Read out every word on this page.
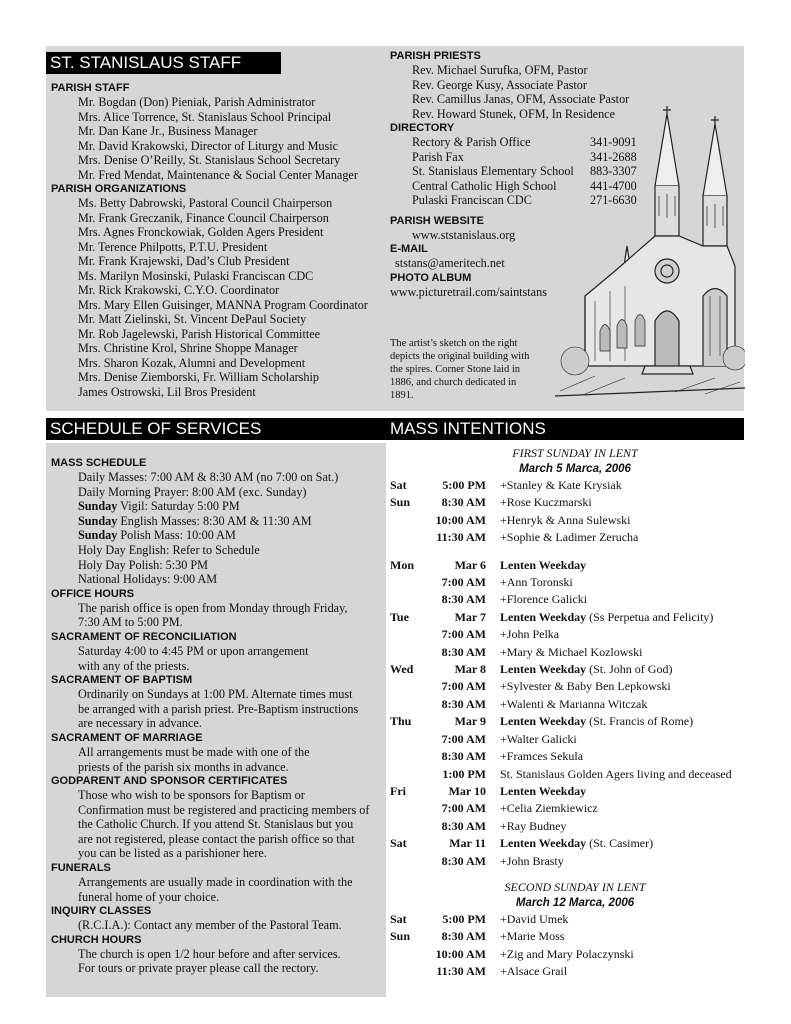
ST. STANISLAUS STAFF
SCHEDULE OF SERVICES	MASS INTENTIONS
PARISH STAFF
Mr. Bogdan (Don) Pieniak, Parish Administrator
Mrs. Alice Torrence, St. Stanislaus School Principal
Mr. Dan Kane Jr., Business Manager
Mr. David Krakowski, Director of Liturgy and Music
Mrs. Denise O’Reilly, St. Stanislaus School Secretary
Mr. Fred Mendat, Maintenance & Social Center Manager
PARISH ORGANIZATIONS
Ms. Betty Dabrowski, Pastoral Council Chairperson
Mr. Frank Greczanik, Finance Council Chairperson
Mrs. Agnes Fronckowiak, Golden Agers President
Mr. Terence Philpotts, P.T.U. President
Mr. Frank Krajewski, Dad’s Club President
Ms. Marilyn Mosinski, Pulaski Franciscan CDC
Mr. Rick Krakowski, C.Y.O. Coordinator
Mrs. Mary Ellen Guisinger, MANNA Program Coordinator
Mr. Matt Zielinski, St. Vincent DePaul Society
Mr. Rob Jagelewski, Parish Historical Committee
Mrs. Christine Krol, Shrine Shoppe Manager
Mrs. Sharon Kozak, Alumni and Development
Mrs. Denise Ziemborski, Fr. William Scholarship
James Ostrowski, Lil Bros President
PARISH PRIESTS
Rev. Michael Surufka, OFM, Pastor
Rev. George Kusy, Associate Pastor
Rev. Camillus Janas, OFM, Associate Pastor
Rev. Howard Stunek, OFM, In Residence
DIRECTORY
Rectory & Parish Office	341-9091
Parish Fax	341-2688
St. Stanislaus Elementary School	883-3307
Central Catholic High School	441-4700
Pulaski Franciscan CDC	271-6630
PARISH WEBSITE
www.ststanislaus.org
E-MAIL
ststans@ameritech.net
PHOTO ALBUM
www.picturetrail.com/saintstans
The artist’s sketch on the right depicts the original building with the spires. Corner Stone laid in 1886, and church dedicated in 1891.
MASS SCHEDULE
Daily Masses: 7:00 AM & 8:30 AM (no 7:00 on Sat.)
Daily Morning Prayer: 8:00 AM (exc. Sunday)
Sunday Vigil: Saturday 5:00 PM
Sunday English Masses: 8:30 AM & 11:30 AM
Sunday Polish Mass: 10:00 AM
Holy Day English: Refer to Schedule
Holy Day Polish: 5:30 PM
National Holidays: 9:00 AM
OFFICE HOURS
The parish office is open from Monday through Friday,
7:30 AM to 5:00 PM.
SACRAMENT OF RECONCILIATION
Saturday 4:00 to 4:45 PM or upon arrangement
with any of the priests.
SACRAMENT OF BAPTISM
Ordinarily on Sundays at 1:00 PM. Alternate times must
be arranged with a parish priest. Pre-Baptism instructions
are necessary in advance.
SACRAMENT OF MARRIAGE
All arrangements must be made with one of the
priests of the parish six months in advance.
GODPARENT AND SPONSOR CERTIFICATES
Those who wish to be sponsors for Baptism or
Confirmation must be registered and practicing members of
the Catholic Church. If you attend St. Stanislaus but you
are not registered, please contact the parish office so that
you can be listed as a parishioner here.
FUNERALS
Arrangements are usually made in coordination with the
funeral home of your choice.
INQUIRY CLASSES
(R.C.I.A.): Contact any member of the Pastoral Team.
CHURCH HOURS
The church is open 1/2 hour before and after services.
For tours or private prayer please call the rectory.
FIRST SUNDAY IN LENT
March 5 Marca, 2006
Sat	5:00 PM	+Stanley & Kate Krysiak
Sun	8:30 AM	+Rose Kuczmarski
10:00 AM	+Henryk & Anna Sulewski
11:30 AM	+Sophie & Ladimer Zerucha
Mon	Mar 6	Lenten Weekday
7:00 AM	+Ann Toronski
8:30 AM	+Florence Galicki
Tue	Mar 7	Lenten Weekday (Ss Perpetua and Felicity)
7:00 AM	+John Pelka
8:30 AM	+Mary & Michael Kozlowski
Wed	Mar 8	Lenten Weekday (St. John of God)
7:00 AM	+Sylvester & Baby Ben Lepkowski
8:30 AM	+Walenti & Marianna Witczak
Thu	Mar 9	Lenten Weekday (St. Francis of Rome)
7:00 AM	+Walter Galicki
8:30 AM	+Framces Sekula
1:00 PM	St. Stanislaus Golden Agers living and deceased
Fri	Mar 10	Lenten Weekday
7:00 AM	+Celia Ziemkiewicz
8:30 AM	+Ray Budney
Sat	Mar 11	Lenten Weekday (St. Casimer)
8:30 AM	+John Brasty
SECOND SUNDAY IN LENT
March 12 Marca, 2006
Sat	5:00 PM	+David Umek
Sun	8:30 AM	+Marie Moss
10:00 AM	+Zig and Mary Polaczynski
11:30 AM	+Alsace Grail
